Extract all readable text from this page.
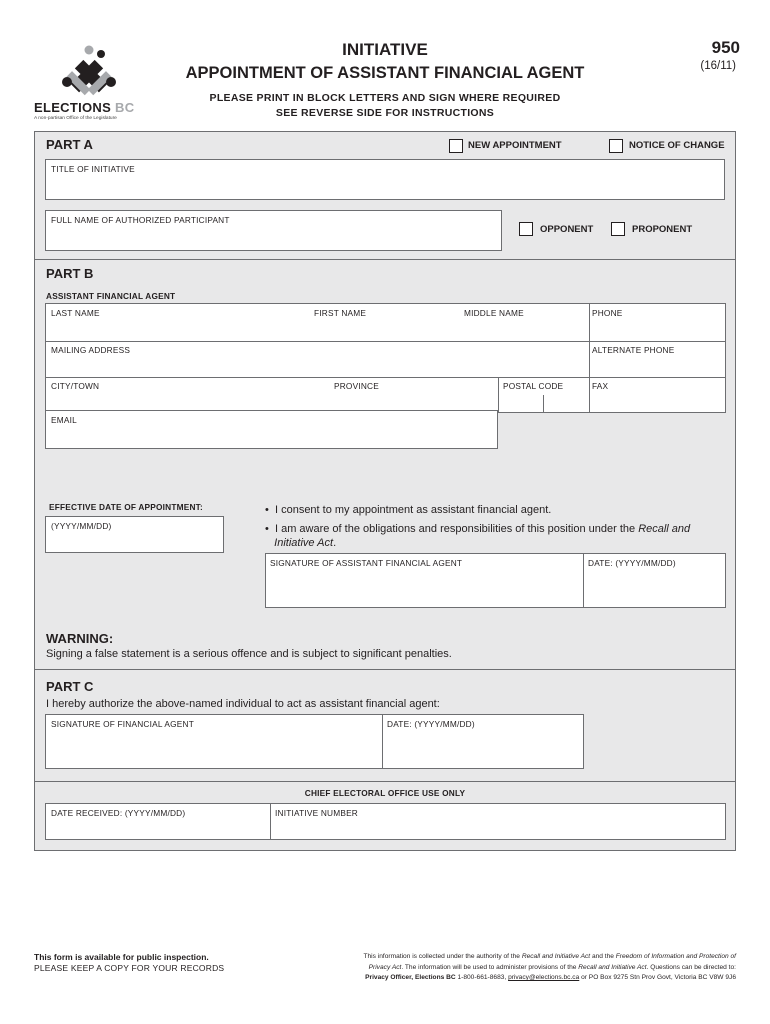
ELECTIONS BC
A non-partisan Office of the Legislature
INITIATIVE
APPOINTMENT OF ASSISTANT FINANCIAL AGENT
PLEASE PRINT IN BLOCK LETTERS AND SIGN WHERE REQUIRED
SEE REVERSE SIDE FOR INSTRUCTIONS
950
(16/11)
PART A	NEW APPOINTMENT	NOTICE OF CHANGE
TITLE OF INITIATIVE
FULL NAME OF AUTHORIZED PARTICIPANT
OPPONENT	PROPONENT
PART B
ASSISTANT FINANCIAL AGENT
LAST NAME	FIRST NAME	MIDDLE NAME	PHONE
MAILING ADDRESS	ALTERNATE PHONE
CITY/TOWN	PROVINCE	POSTAL CODE	FAX
EMAIL
EFFECTIVE DATE OF APPOINTMENT:
(YYYY/MM/DD)
•  I consent to my appointment as assistant financial agent.
•  I am aware of the obligations and responsibilities of this position under the Recall and
Initiative Act.
SIGNATURE OF ASSISTANT FINANCIAL AGENT	DATE: (YYYY/MM/DD)
WARNING:
Signing a false statement is a serious offence and is subject to significant penalties.
PART C
I hereby authorize the above-named individual to act as assistant financial agent:
SIGNATURE OF FINANCIAL AGENT	DATE: (YYYY/MM/DD)
CHIEF ELECTORAL OFFICE USE ONLY
DATE RECEIVED: (YYYY/MM/DD)	INITIATIVE NUMBER
This form is available for public inspection.
PLEASE KEEP A COPY FOR YOUR RECORDS
This information is collected under the authority of the Recall and Initiative Act and the Freedom of Information and Protection of
Privacy Act. The information will be used to administer provisions of the Recall and Initiative Act. Questions can be directed to:
Privacy Officer, Elections BC 1-800-661-8683, privacy@elections.bc.ca or PO Box 9275 Stn Prov Govt, Victoria BC V8W 9J6
